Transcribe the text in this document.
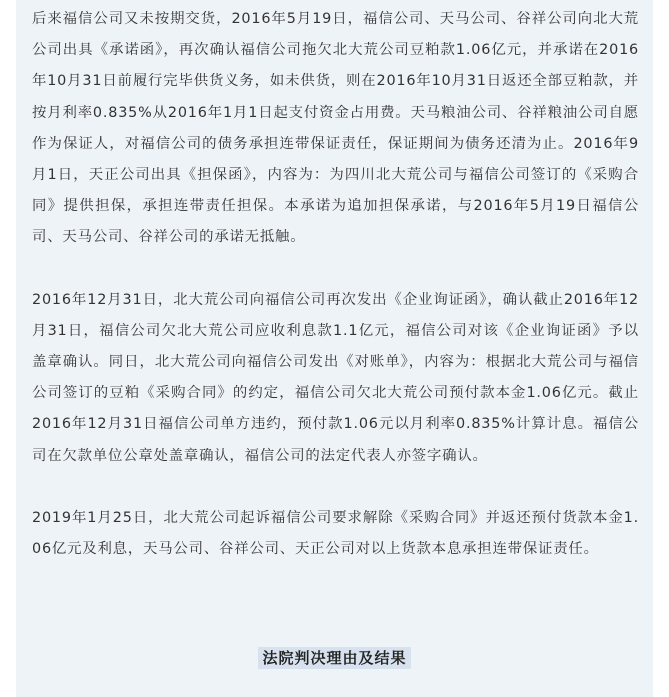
后来福信公司又未按期交货，2016年5月19日，福信公司、天马公司、谷祥公司向北大荒公司出具《承诺函》，再次确认福信公司拖欠北大荒公司豆粕款1.06亿元，并承诺在2016年10月31日前履行完毕供货义务，如未供货，则在2016年10月31日返还全部豆粕款，并按月利率0.835%从2016年1月1日起支付资金占用费。天马粮油公司、谷祥粮油公司自愿作为保证人，对福信公司的债务承担连带保证责任，保证期间为债务还清为止。2016年9月1日，天正公司出具《担保函》，内容为：为四川北大荒公司与福信公司签订的《采购合同》提供担保，承担连带责任担保。本承诺为追加担保承诺，与2016年5月19日福信公司、天马公司、谷祥公司的承诺无抵触。

2016年12月31日，北大荒公司向福信公司再次发出《企业询证函》，确认截止2016年12月31日，福信公司欠北大荒公司应收利息款1.1亿元，福信公司对该《企业询证函》予以盖章确认。同日，北大荒公司向福信公司发出《对账单》，内容为：根据北大荒公司与福信公司签订的豆粕《采购合同》的约定，福信公司欠北大荒公司预付款本金1.06亿元。截止2016年12月31日福信公司单方违约，预付款1.06元以月利率0.835%计算计息。福信公司在欠款单位公章处盖章确认，福信公司的法定代表人亦签字确认。

2019年1月25日，北大荒公司起诉福信公司要求解除《采购合同》并返还预付货款本金1.06亿元及利息，天马公司、谷祥公司、天正公司对以上货款本息承担连带保证责任。

法院判决理由及结果
